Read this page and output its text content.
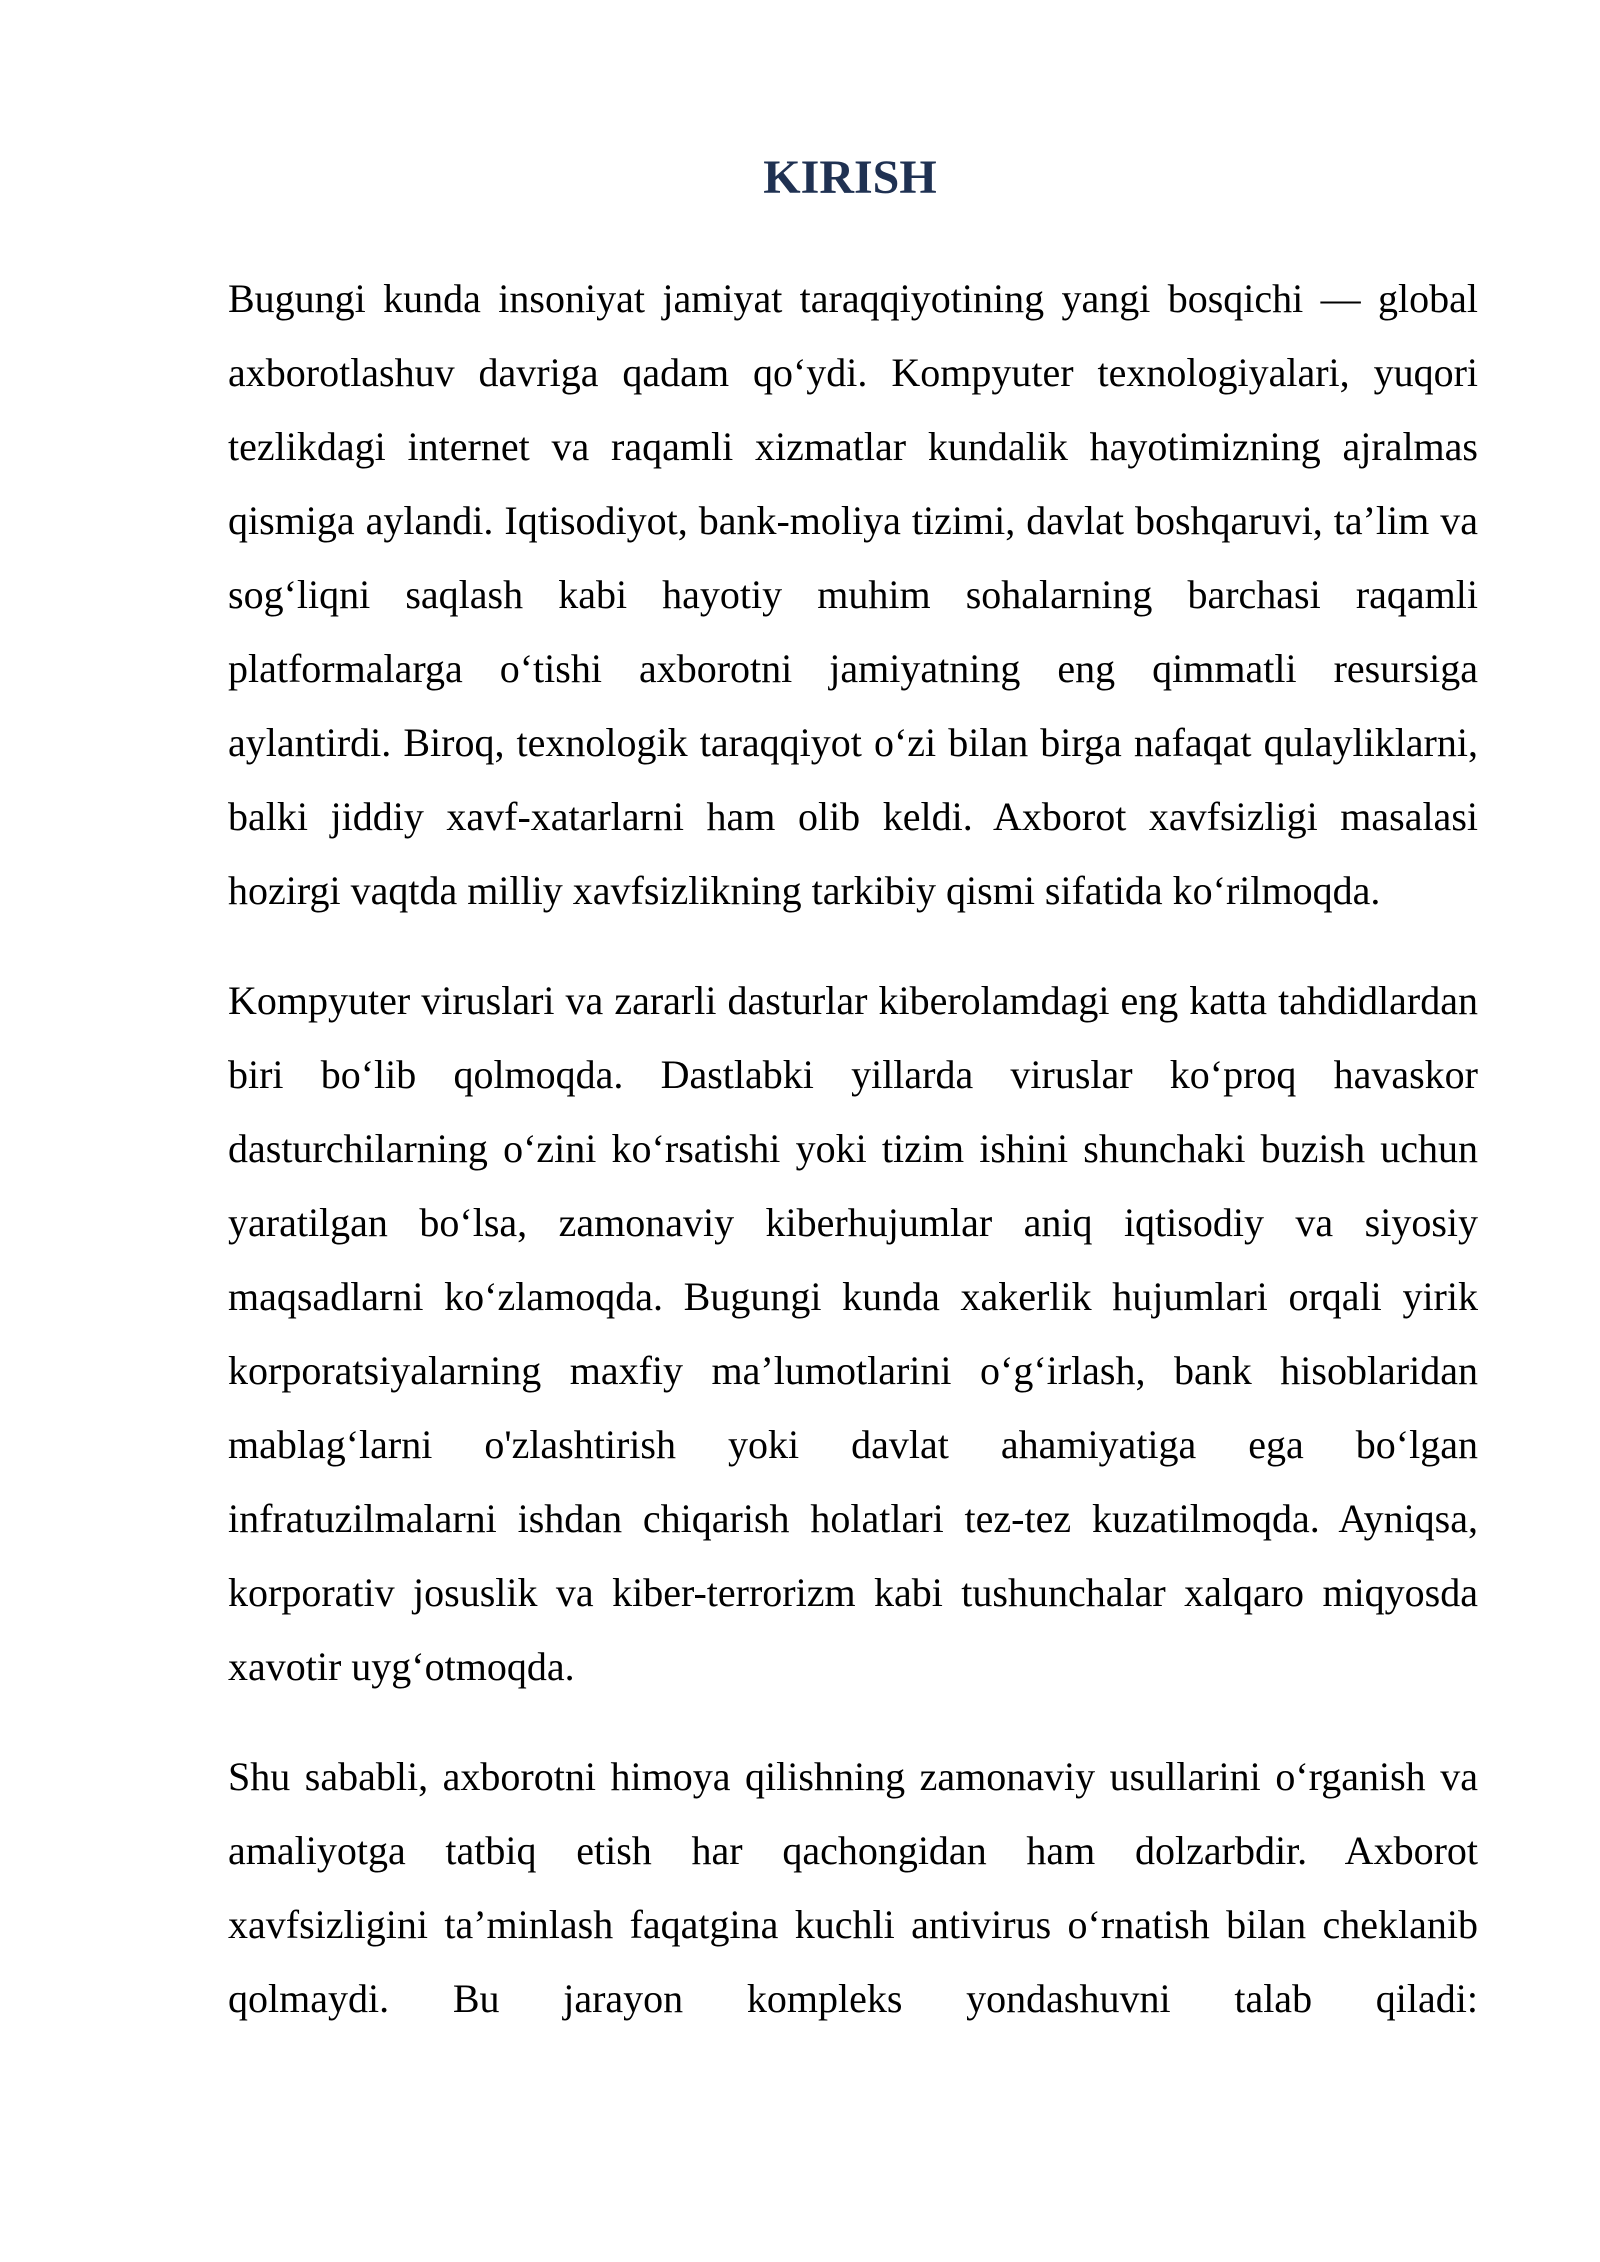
KIRISH

Bugungi kunda insoniyat jamiyat taraqqiyotining yangi bosqichi — global axborotlashuv davriga qadam qo‘ydi. Kompyuter texnologiyalari, yuqori tezlikdagi internet va raqamli xizmatlar kundalik hayotimizning ajralmas qismiga aylandi. Iqtisodiyot, bank-moliya tizimi, davlat boshqaruvi, ta’lim va sog‘liqni saqlash kabi hayotiy muhim sohalarning barchasi raqamli platformalarga o‘tishi axborotni jamiyatning eng qimmatli resursiga aylantirdi. Biroq, texnologik taraqqiyot o‘zi bilan birga nafaqat qulayliklarni, balki jiddiy xavf-xatarlarni ham olib keldi. Axborot xavfsizligi masalasi hozirgi vaqtda milliy xavfsizlikning tarkibiy qismi sifatida ko‘rilmoqda.

Kompyuter viruslari va zararli dasturlar kiberolamdagi eng katta tahdidlardan biri bo‘lib qolmoqda. Dastlabki yillarda viruslar ko‘proq havaskor dasturchilarning o‘zini ko‘rsatishi yoki tizim ishini shunchaki buzish uchun yaratilgan bo‘lsa, zamonaviy kiberhujumlar aniq iqtisodiy va siyosiy maqsadlarni ko‘zlamoqda. Bugungi kunda xakerlik hujumlari orqali yirik korporatsiyalarning maxfiy ma’lumotlarini o‘g‘irlash, bank hisoblaridan mablag‘larni o'zlashtirish yoki davlat ahamiyatiga ega bo‘lgan infratuzilmalarni ishdan chiqarish holatlari tez-tez kuzatilmoqda. Ayniqsa, korporativ josuslik va kiber-terrorizm kabi tushunchalar xalqaro miqyosda xavotir uyg‘otmoqda.

Shu sababli, axborotni himoya qilishning zamonaviy usullarini o‘rganish va amaliyotga tatbiq etish har qachongidan ham dolzarbdir. Axborot xavfsizligini ta’minlash faqatgina kuchli antivirus o‘rnatish bilan cheklanib qolmaydi. Bu jarayon kompleks yondashuvni talab qiladi:
